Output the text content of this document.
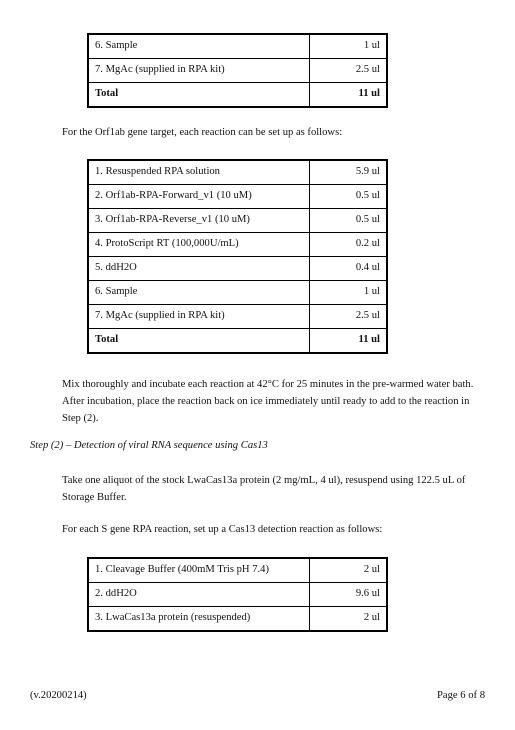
6. Sample	1 ul
7. MgAc (supplied in RPA kit)	2.5 ul
Total	11 ul

For the Orf1ab gene target, each reaction can be set up as follows:

1. Resuspended RPA solution	5.9 ul
2. Orf1ab-RPA-Forward_v1 (10 uM)	0.5 ul
3. Orf1ab-RPA-Reverse_v1 (10 uM)	0.5 ul
4. ProtoScript RT (100,000U/mL)	0.2 ul
5. ddH2O	0.4 ul
6. Sample	1 ul
7. MgAc (supplied in RPA kit)	2.5 ul
Total	11 ul

Mix thoroughly and incubate each reaction at 42°C for 25 minutes in the pre-warmed water bath. After incubation, place the reaction back on ice immediately until ready to add to the reaction in Step (2).

Step (2) – Detection of viral RNA sequence using Cas13

Take one aliquot of the stock LwaCas13a protein (2 mg/mL, 4 ul), resuspend using 122.5 uL of Storage Buffer.

For each S gene RPA reaction, set up a Cas13 detection reaction as follows:

1. Cleavage Buffer (400mM Tris pH 7.4)	2 ul
2. ddH2O	9.6 ul
3. LwaCas13a protein (resuspended)	2 ul
(v.20200214)	Page 6 of 8
